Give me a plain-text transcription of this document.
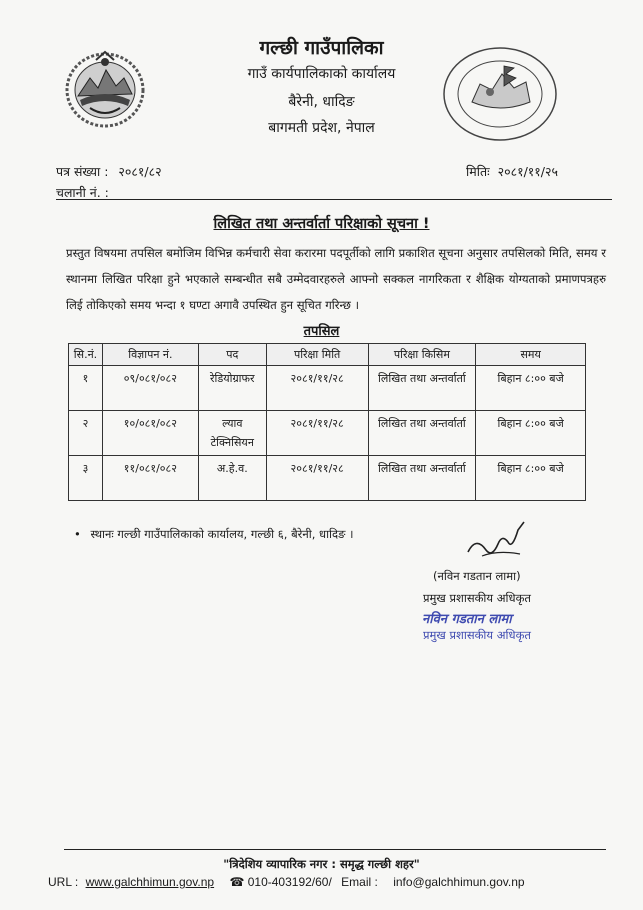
गल्छी गाउँपालिका
गाउँ कार्यपालिकाको कार्यालय
बैरेनी, धादिङ
बागमती प्रदेश, नेपाल
पत्र संख्या : २०८१/८२
चलानी नं. :
मितिः २०८१/११/२५
लिखित तथा अन्तर्वार्ता परिक्षाको सूचना !
प्रस्तुत विषयमा तपसिल बमोजिम विभिन्न कर्मचारी सेवा करारमा पदपूर्तीको लागि प्रकाशित सूचना अनुसार तपसिलको मिति, समय र स्थानमा लिखित परिक्षा हुने भएकाले सम्बन्धीत सबै उम्मेदवारहरुले आफ्नो सक्कल नागरिकता र शैक्षिक योग्यताको प्रमाणपत्रहरु लिई तोकिएको समय भन्दा १ घण्टा अगावै उपस्थित हुन सूचित गरिन्छ ।
तपसिल
सि.नं.	विज्ञापन नं.	पद	परिक्षा मिति	परिक्षा किसिम	समय
१	०९/०८१/०८२	रेडियोग्राफर	२०८१/११/२८	लिखित तथा अन्तर्वार्ता	बिहान ८:०० बजे
२	१०/०८१/०८२	ल्याव टेक्निसियन	२०८१/११/२८	लिखित तथा अन्तर्वार्ता	बिहान ८:०० बजे
३	११/०८१/०८२	अ.हे.व.	२०८१/११/२८	लिखित तथा अन्तर्वार्ता	बिहान ८:०० बजे
• स्थानः गल्छी गाउँपालिकाको कार्यालय, गल्छी ६, बैरेनी, धादिङ ।
(नविन गडतान लामा)
प्रमुख प्रशासकीय अधिकृत
नविन गडतान लामा
प्रमुख प्रशासकीय अधिकृत
"त्रिदेशिय व्यापारिक नगर : समृद्ध गल्छी शहर"
URL : www.galchhimun.gov.np ☎ 010-403192/60/ Email : info@galchhimun.gov.np
